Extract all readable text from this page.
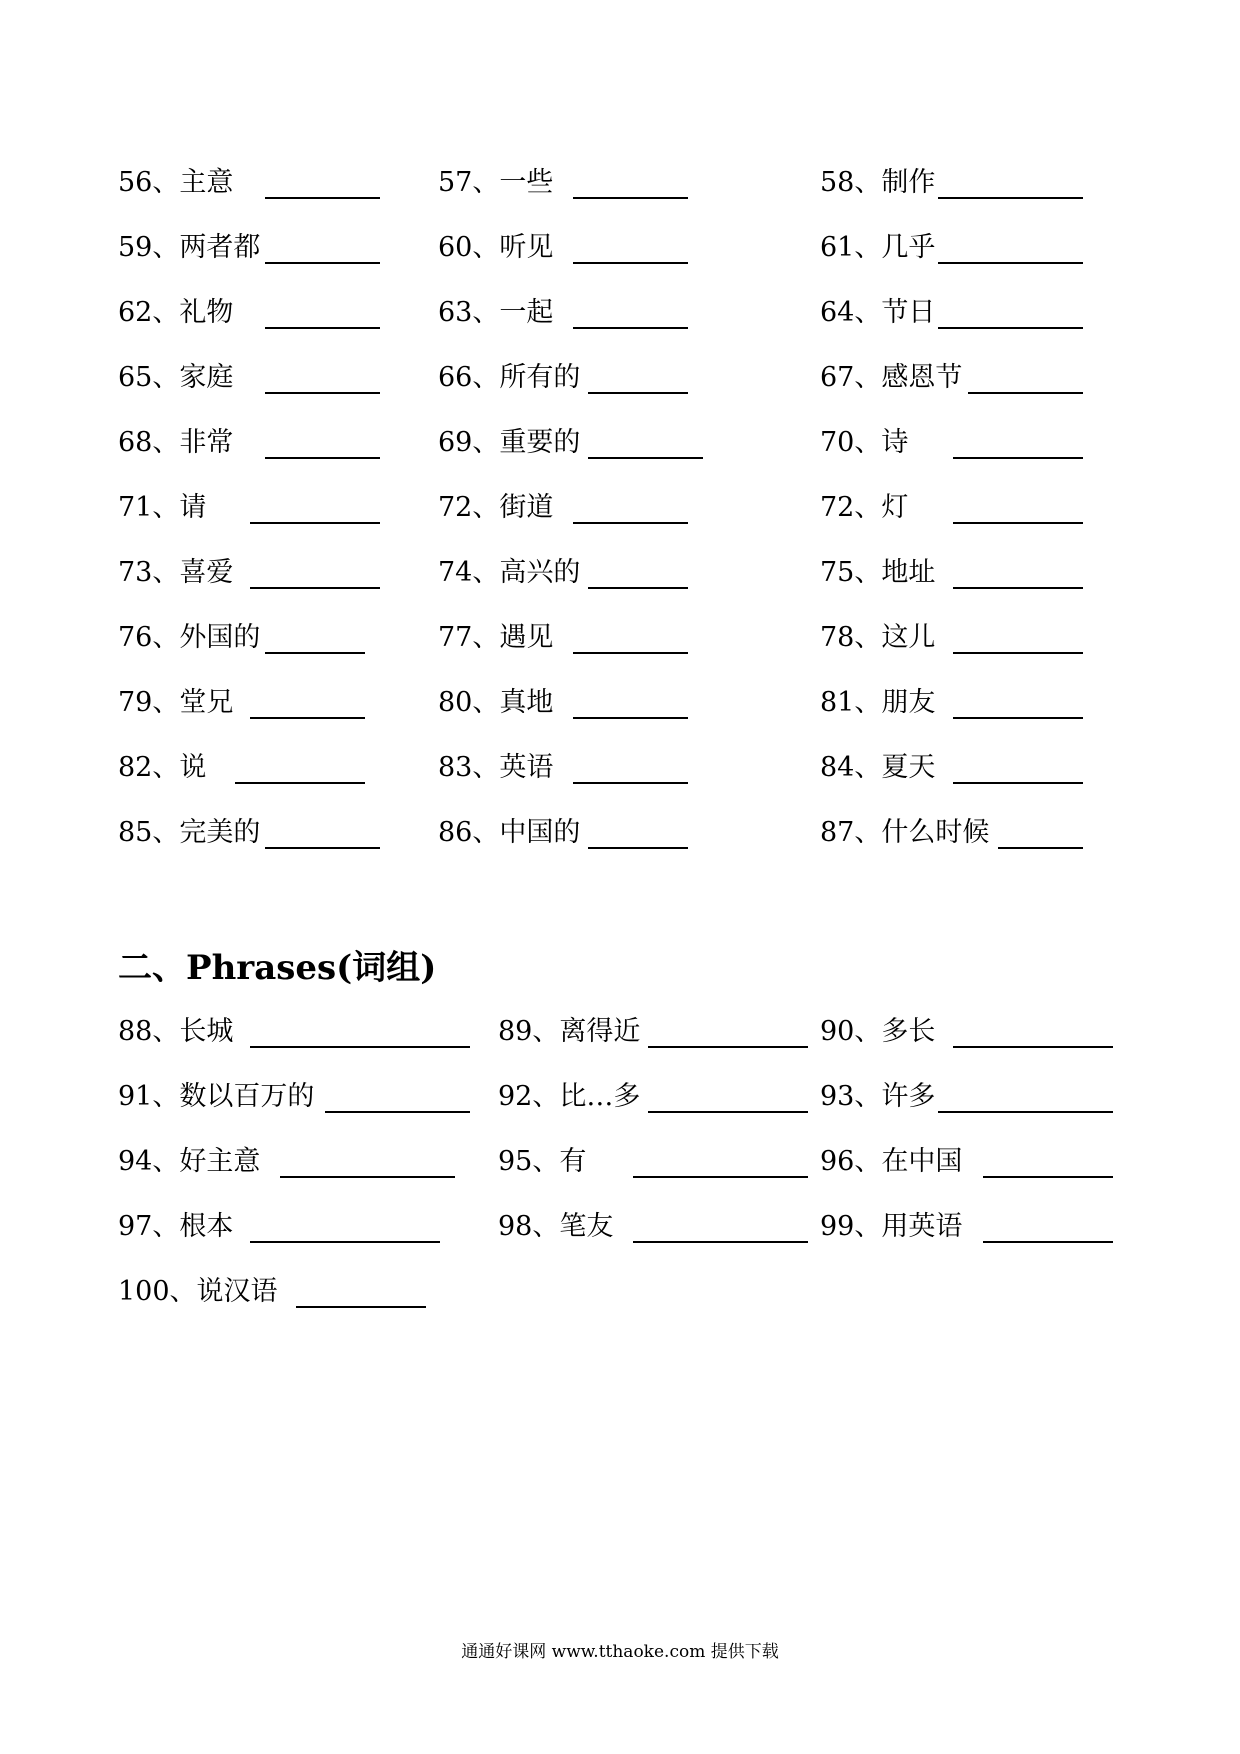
56、主意	57、一些	58、制作
59、两者都	60、听见	61、几乎
62、礼物	63、一起	64、节日
65、家庭	66、所有的	67、感恩节
68、非常	69、重要的	70、诗
71、请	72、街道	72、灯
73、喜爱	74、高兴的	75、地址
76、外国的	77、遇见	78、这儿
79、堂兄	80、真地	81、朋友
82、说	83、英语	84、夏天
85、完美的	86、中国的	87、什么时候
二、Phrases(词组)
88、长城	89、离得近	90、多长
91、数以百万的	92、比…多	93、许多
94、好主意	95、有	96、在中国
97、根本	98、笔友	99、用英语
100、说汉语
通通好课网 www.tthaoke.com 提供下载
